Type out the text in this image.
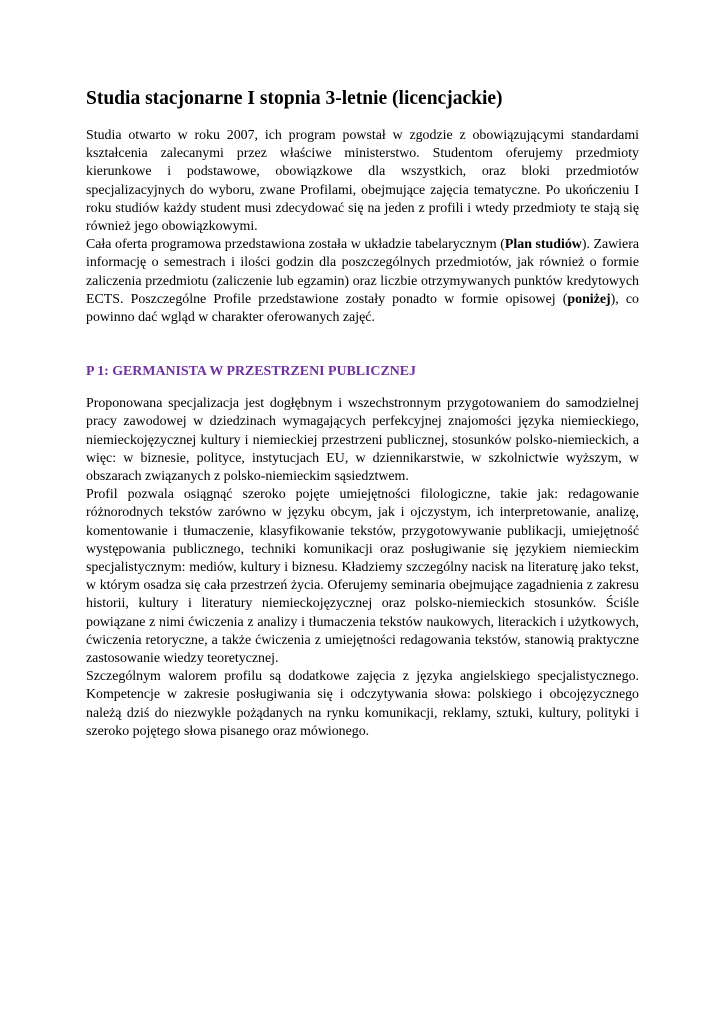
Studia stacjonarne I stopnia 3-letnie (licencjackie)

Studia otwarto w roku 2007, ich program powstał w zgodzie z obowiązującymi standardami kształcenia zalecanymi przez właściwe ministerstwo. Studentom oferujemy przedmioty kierunkowe i podstawowe, obowiązkowe dla wszystkich, oraz bloki przedmiotów specjalizacyjnych do wyboru, zwane Profilami, obejmujące zajęcia tematyczne. Po ukończeniu I roku studiów każdy student musi zdecydować się na jeden z profili i wtedy przedmioty te stają się również jego obowiązkowymi.

Cała oferta programowa przedstawiona została w układzie tabelarycznym (Plan studiów). Zawiera informację o semestrach i ilości godzin dla poszczególnych przedmiotów, jak również o formie zaliczenia przedmiotu (zaliczenie lub egzamin) oraz liczbie otrzymywanych punktów kredytowych ECTS. Poszczególne Profile przedstawione zostały ponadto w formie opisowej (poniżej), co powinno dać wgląd w charakter oferowanych zajęć.

P 1: GERMANISTA W PRZESTRZENI PUBLICZNEJ

Proponowana specjalizacja jest dogłębnym i wszechstronnym przygotowaniem do samodzielnej pracy zawodowej w dziedzinach wymagających perfekcyjnej znajomości języka niemieckiego, niemieckojęzycznej kultury i niemieckiej przestrzeni publicznej, stosunków polsko-niemieckich, a więc: w biznesie, polityce, instytucjach EU, w dziennikarstwie, w szkolnictwie wyższym, w obszarach związanych z polsko-niemieckim sąsiedztwem.

Profil pozwala osiągnąć szeroko pojęte umiejętności filologiczne, takie jak: redagowanie różnorodnych tekstów zarówno w języku obcym, jak i ojczystym, ich interpretowanie, analizę, komentowanie i tłumaczenie, klasyfikowanie tekstów, przygotowywanie publikacji, umiejętność występowania publicznego, techniki komunikacji oraz posługiwanie się językiem niemieckim specjalistycznym: mediów, kultury i biznesu. Kładziemy szczególny nacisk na literaturę jako tekst, w którym osadza się cała przestrzeń życia. Oferujemy seminaria obejmujące zagadnienia z zakresu historii, kultury i literatury niemieckojęzycznej oraz polsko-niemieckich stosunków. Ściśle powiązane z nimi ćwiczenia z analizy i tłumaczenia tekstów naukowych, literackich i użytkowych, ćwiczenia retoryczne, a także ćwiczenia z umiejętności redagowania tekstów, stanowią praktyczne zastosowanie wiedzy teoretycznej.

Szczególnym walorem profilu są dodatkowe zajęcia z języka angielskiego specjalistycznego. Kompetencje w zakresie posługiwania się i odczytywania słowa: polskiego i obcojęzycznego należą dziś do niezwykle pożądanych na rynku komunikacji, reklamy, sztuki, kultury, polityki i szeroko pojętego słowa pisanego oraz mówionego.
